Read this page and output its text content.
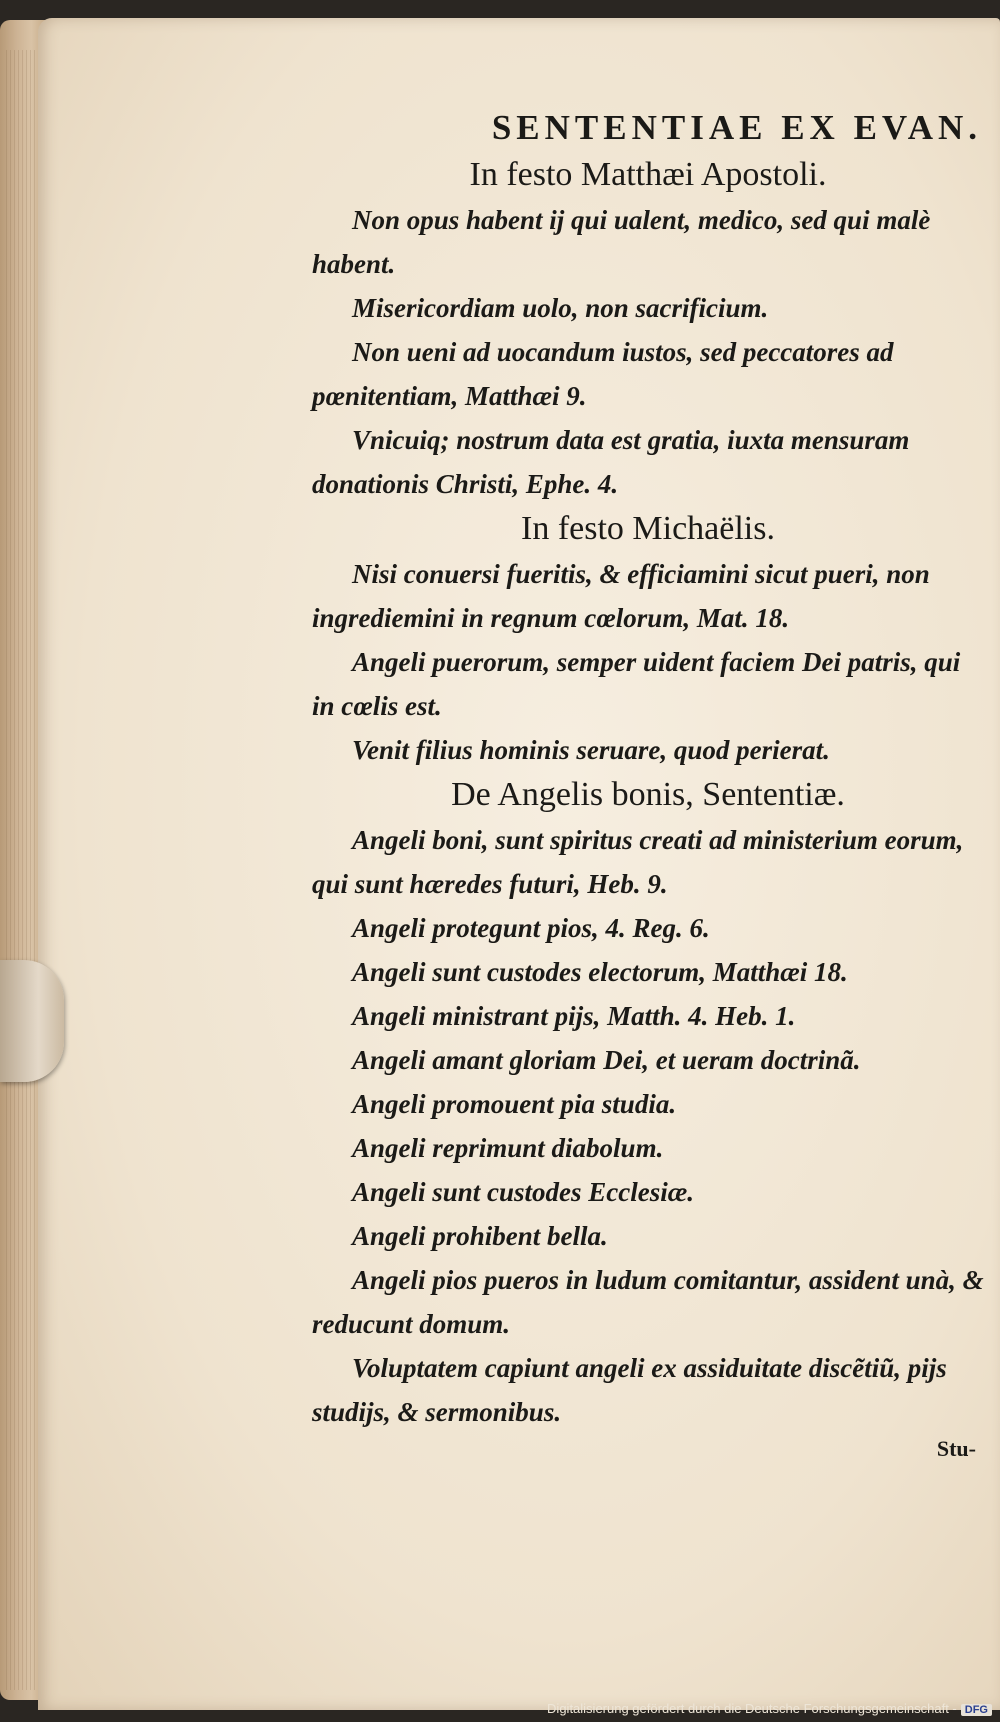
SENTENTIAE EX EVAN.
In festo Matthæi Apostoli.

Non opus habent ij qui ualent, medico, sed qui malè habent.

Misericordiam uolo, non sacrificium.

Non ueni ad uocandum iustos, sed peccatores ad pœnitentiam, Matthæi 9.

Vnicuiq; nostrum data est gratia, iuxta mensuram donationis Christi, Ephe. 4.

In festo Michaëlis.

Nisi conuersi fueritis, & efficiamini sicut pueri, non ingrediemini in regnum cœlorum, Mat. 18.

Angeli puerorum, semper uident faciem Dei patris, qui in cœlis est.

Venit filius hominis seruare, quod perierat.

De Angelis bonis, Sententiæ.

Angeli boni, sunt spiritus creati ad ministerium eorum, qui sunt hæredes futuri, Heb. 9.

Angeli protegunt pios, 4. Reg. 6.

Angeli sunt custodes electorum, Matthæi 18.

Angeli ministrant pijs, Matth. 4. Heb. 1.

Angeli amant gloriam Dei, et ueram doctrinã.

Angeli promouent pia studia.

Angeli reprimunt diabolum.

Angeli sunt custodes Ecclesiæ.

Angeli prohibent bella.

Angeli pios pueros in ludum comitantur, assident unà, & reducunt domum.

Voluptatem capiunt angeli ex assiduitate discẽtiũ, pijs studijs, & sermonibus.

Stu-
Digitalisierung gefördert durch die Deutsche Forschungsgemeinschaft - DFG
